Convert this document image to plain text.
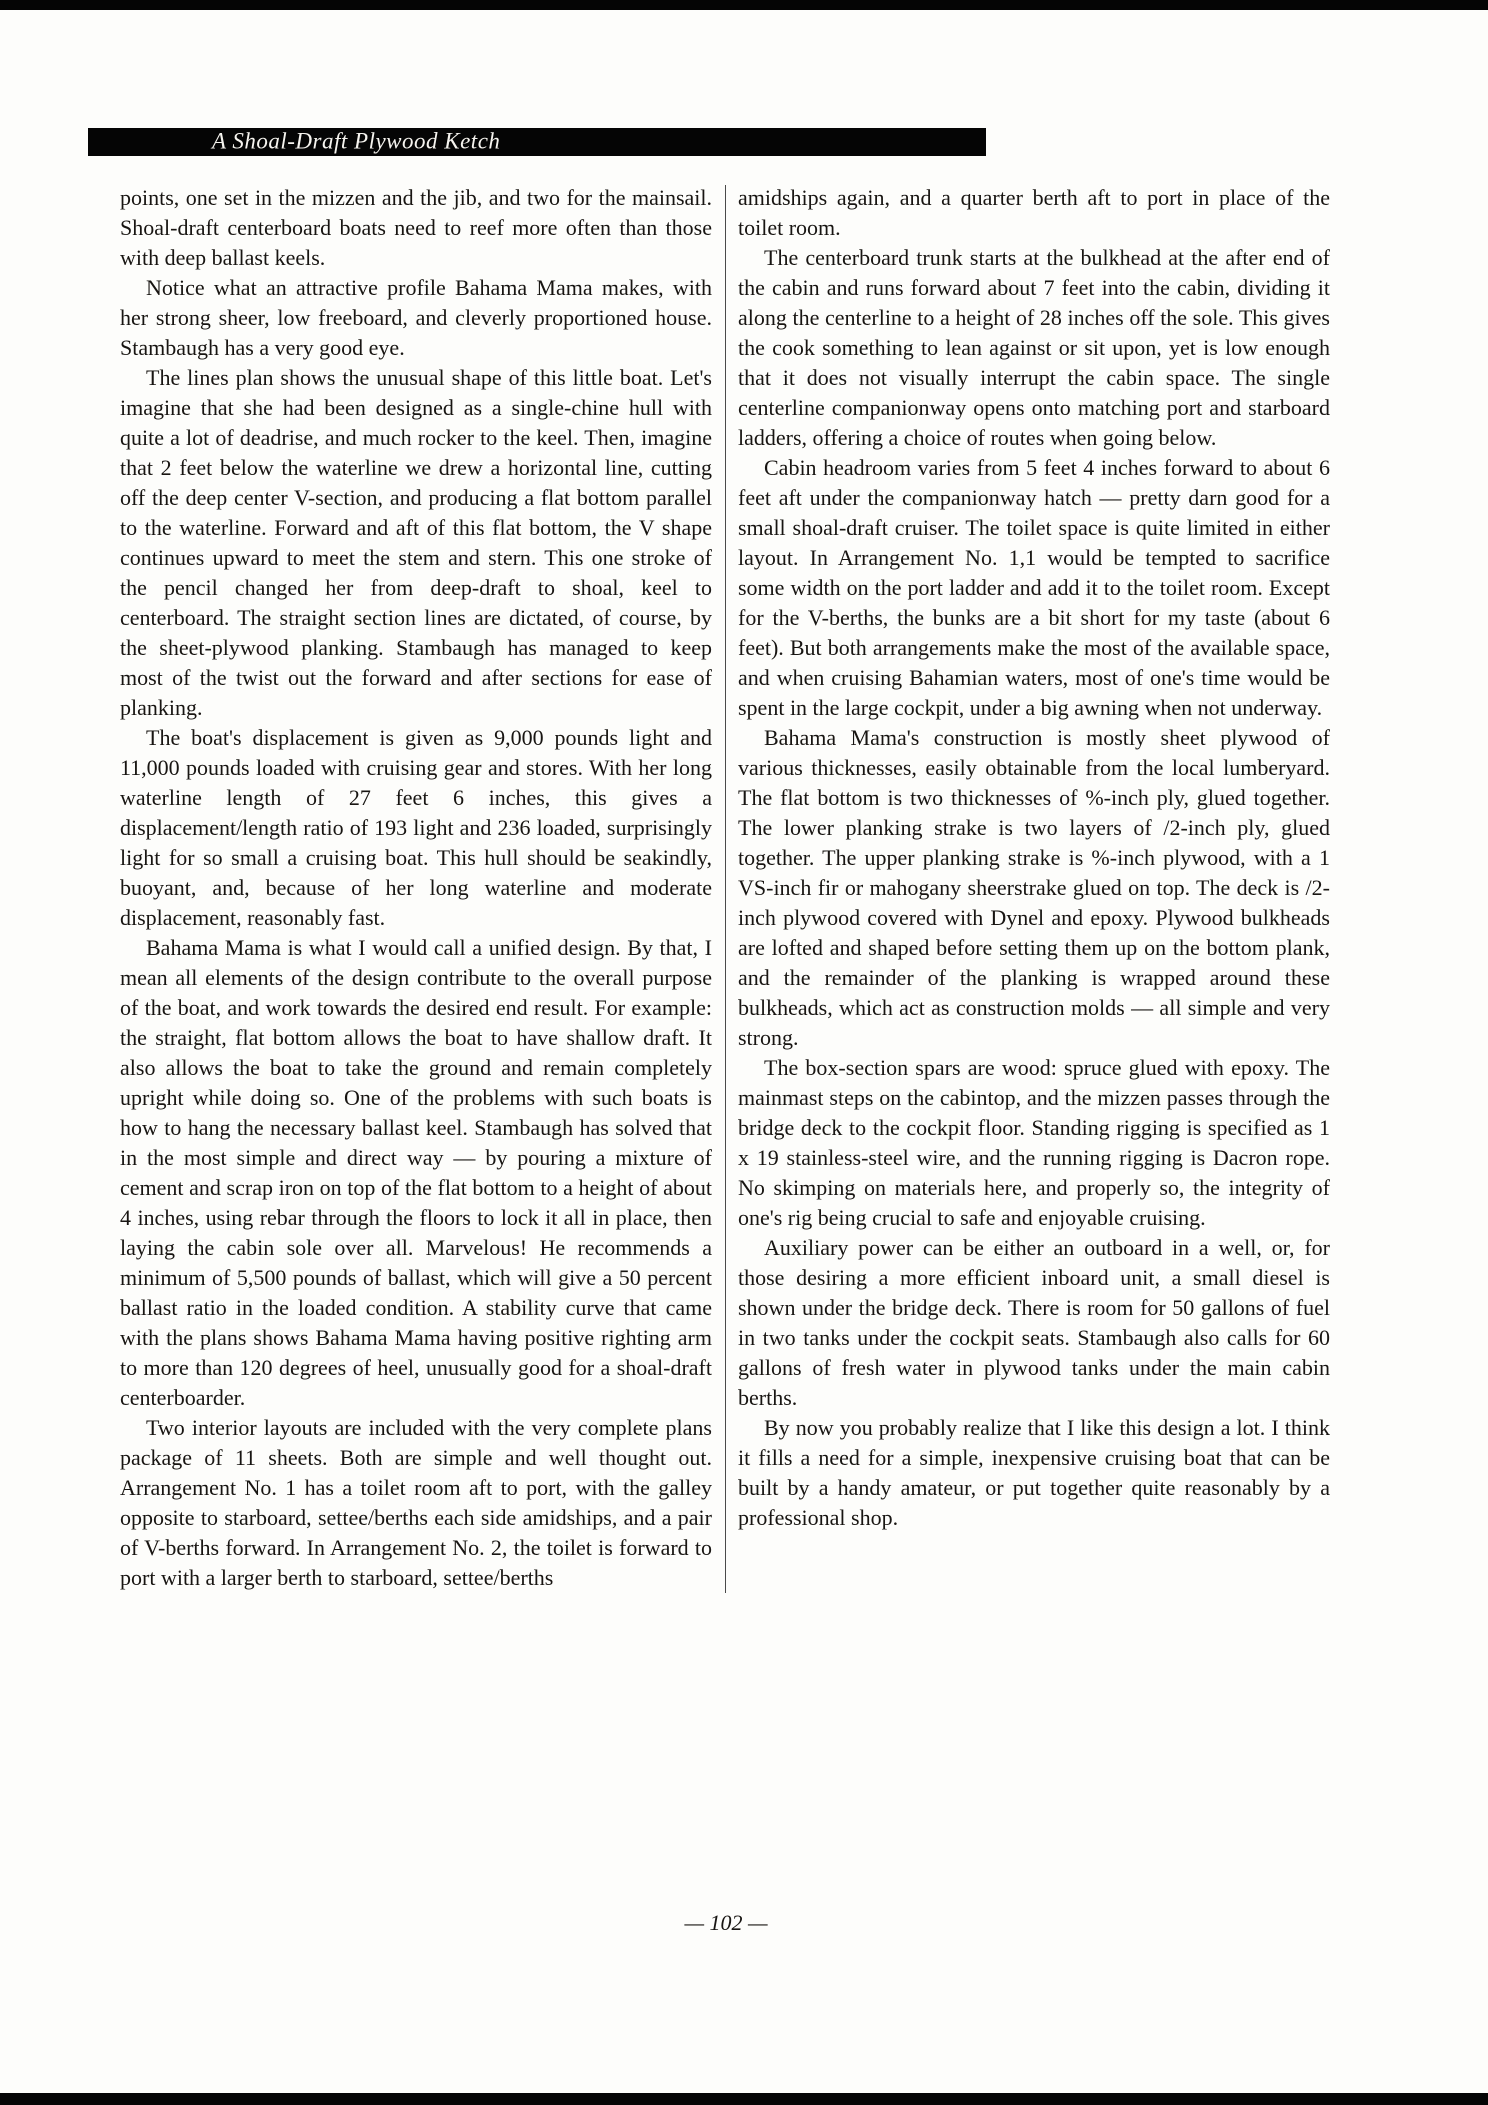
A Shoal-Draft Plywood Ketch

points, one set in the mizzen and the jib, and two for the mainsail. Shoal-draft centerboard boats need to reef more often than those with deep ballast keels.

Notice what an attractive profile Bahama Mama makes, with her strong sheer, low freeboard, and cleverly proportioned house. Stambaugh has a very good eye.

The lines plan shows the unusual shape of this little boat. Let's imagine that she had been designed as a single-chine hull with quite a lot of deadrise, and much rocker to the keel. Then, imagine that 2 feet below the waterline we drew a horizontal line, cutting off the deep center V-section, and producing a flat bottom parallel to the waterline. Forward and aft of this flat bottom, the V shape continues upward to meet the stem and stern. This one stroke of the pencil changed her from deep-draft to shoal, keel to centerboard. The straight section lines are dictated, of course, by the sheet-plywood planking. Stambaugh has managed to keep most of the twist out the forward and after sections for ease of planking.

The boat's displacement is given as 9,000 pounds light and 11,000 pounds loaded with cruising gear and stores. With her long waterline length of 27 feet 6 inches, this gives a displacement/length ratio of 193 light and 236 loaded, surprisingly light for so small a cruising boat. This hull should be seakindly, buoyant, and, because of her long waterline and moderate displacement, reasonably fast.

Bahama Mama is what I would call a unified design. By that, I mean all elements of the design contribute to the overall purpose of the boat, and work towards the desired end result. For example: the straight, flat bottom allows the boat to have shallow draft. It also allows the boat to take the ground and remain completely upright while doing so. One of the problems with such boats is how to hang the necessary ballast keel. Stambaugh has solved that in the most simple and direct way — by pouring a mixture of cement and scrap iron on top of the flat bottom to a height of about 4 inches, using rebar through the floors to lock it all in place, then laying the cabin sole over all. Marvelous! He recommends a minimum of 5,500 pounds of ballast, which will give a 50 percent ballast ratio in the loaded condition. A stability curve that came with the plans shows Bahama Mama having positive righting arm to more than 120 degrees of heel, unusually good for a shoal-draft centerboarder.

Two interior layouts are included with the very complete plans package of 11 sheets. Both are simple and well thought out. Arrangement No. 1 has a toilet room aft to port, with the galley opposite to starboard, settee/berths each side amidships, and a pair of V-berths forward. In Arrangement No. 2, the toilet is forward to port with a larger berth to starboard, settee/berths

amidships again, and a quarter berth aft to port in place of the toilet room.

The centerboard trunk starts at the bulkhead at the after end of the cabin and runs forward about 7 feet into the cabin, dividing it along the centerline to a height of 28 inches off the sole. This gives the cook something to lean against or sit upon, yet is low enough that it does not visually interrupt the cabin space. The single centerline companionway opens onto matching port and starboard ladders, offering a choice of routes when going below.

Cabin headroom varies from 5 feet 4 inches forward to about 6 feet aft under the companionway hatch — pretty darn good for a small shoal-draft cruiser. The toilet space is quite limited in either layout. In Arrangement No. 1,1 would be tempted to sacrifice some width on the port ladder and add it to the toilet room. Except for the V-berths, the bunks are a bit short for my taste (about 6 feet). But both arrangements make the most of the available space, and when cruising Bahamian waters, most of one's time would be spent in the large cockpit, under a big awning when not underway.

Bahama Mama's construction is mostly sheet plywood of various thicknesses, easily obtainable from the local lumberyard. The flat bottom is two thicknesses of %-inch ply, glued together. The lower planking strake is two layers of /2-inch ply, glued together. The upper planking strake is %-inch plywood, with a 1 VS-inch fir or mahogany sheerstrake glued on top. The deck is /2-inch plywood covered with Dynel and epoxy. Plywood bulkheads are lofted and shaped before setting them up on the bottom plank, and the remainder of the planking is wrapped around these bulkheads, which act as construction molds — all simple and very strong.

The box-section spars are wood: spruce glued with epoxy. The mainmast steps on the cabintop, and the mizzen passes through the bridge deck to the cockpit floor. Standing rigging is specified as 1 x 19 stainless-steel wire, and the running rigging is Dacron rope. No skimping on materials here, and properly so, the integrity of one's rig being crucial to safe and enjoyable cruising.

Auxiliary power can be either an outboard in a well, or, for those desiring a more efficient inboard unit, a small diesel is shown under the bridge deck. There is room for 50 gallons of fuel in two tanks under the cockpit seats. Stambaugh also calls for 60 gallons of fresh water in plywood tanks under the main cabin berths.

By now you probably realize that I like this design a lot. I think it fills a need for a simple, inexpensive cruising boat that can be built by a handy amateur, or put together quite reasonably by a professional shop.

— 102 —
